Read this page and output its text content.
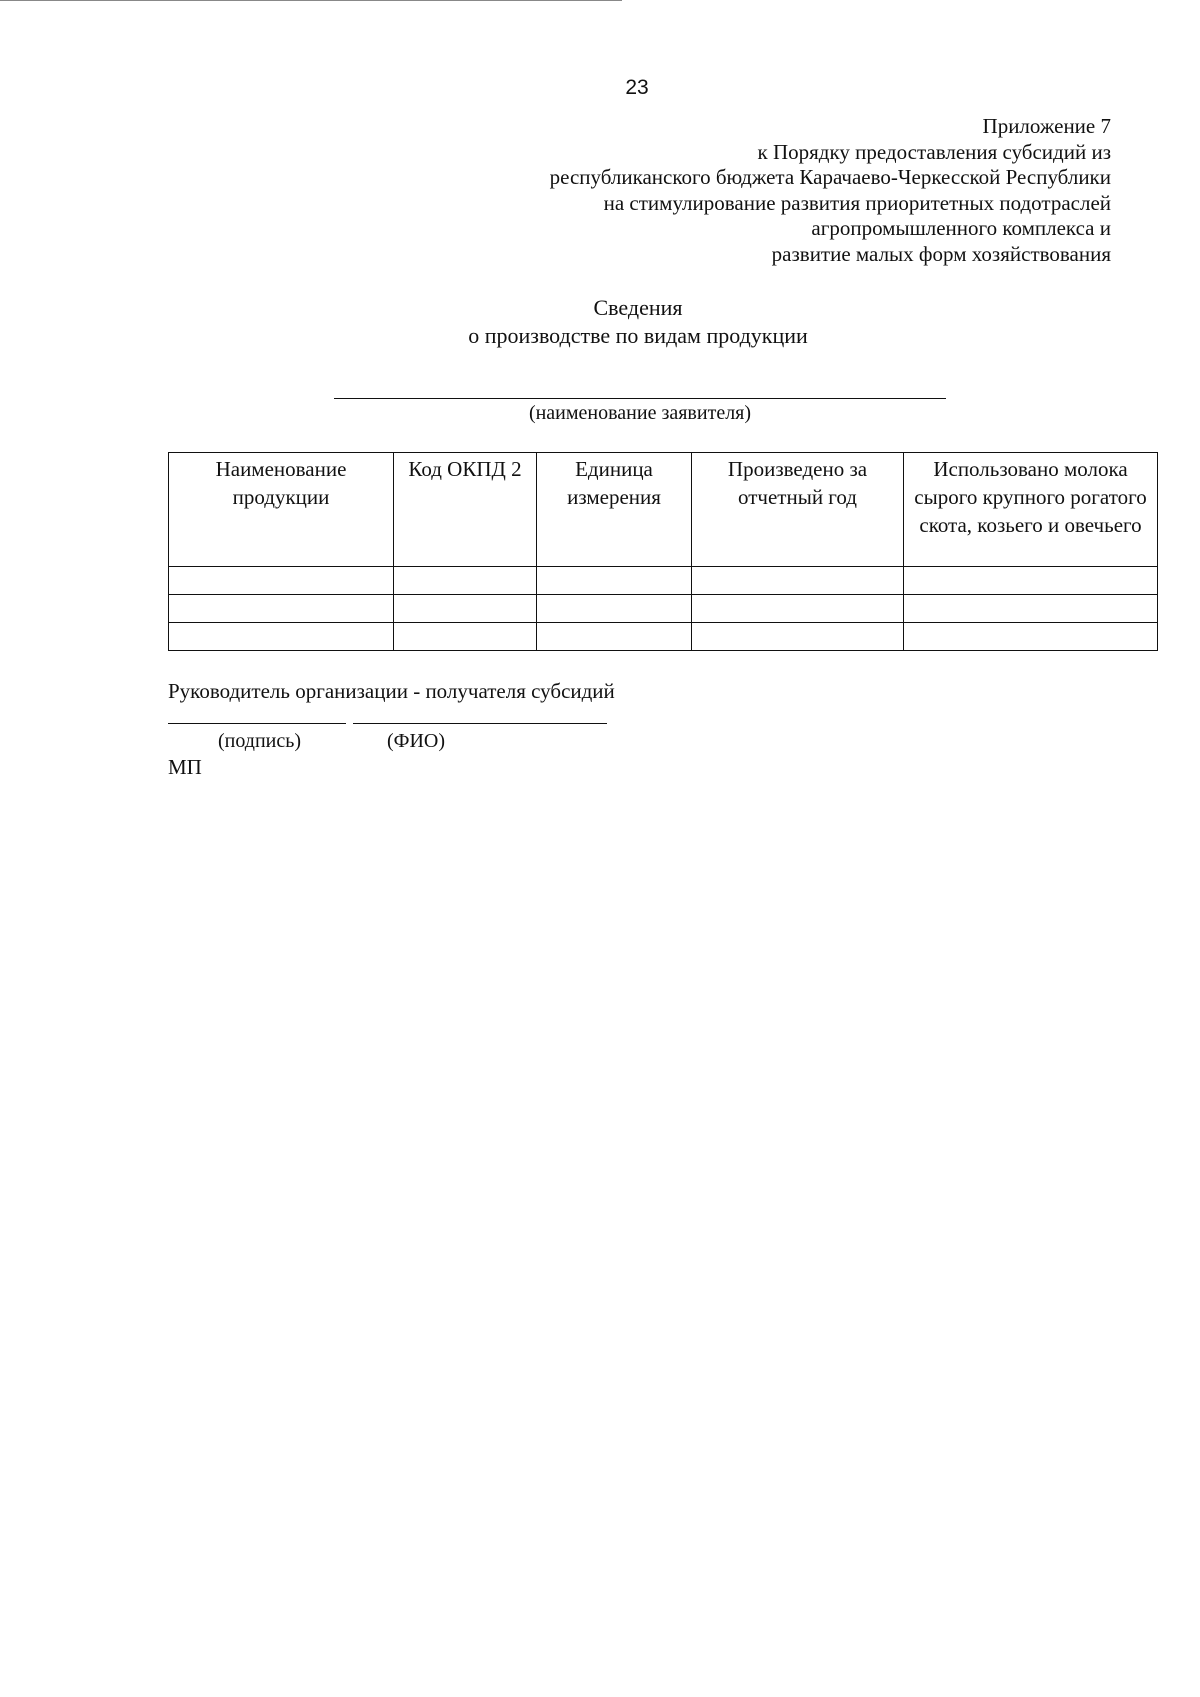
23
Приложение 7
к Порядку предоставления субсидий из
республиканского бюджета Карачаево-Черкесской Республики
на стимулирование развития приоритетных подотраслей
агропромышленного комплекса и
развитие малых форм хозяйствования
Сведения
о производстве по видам продукции
(наименование заявителя)
Наименование продукции	Код ОКПД 2	Единица измерения	Произведено за отчетный год	Использовано молока сырого крупного рогатого скота, козьего и овечьего

Руководитель организации - получателя субсидий
(подпись)	(ФИО)
МП
